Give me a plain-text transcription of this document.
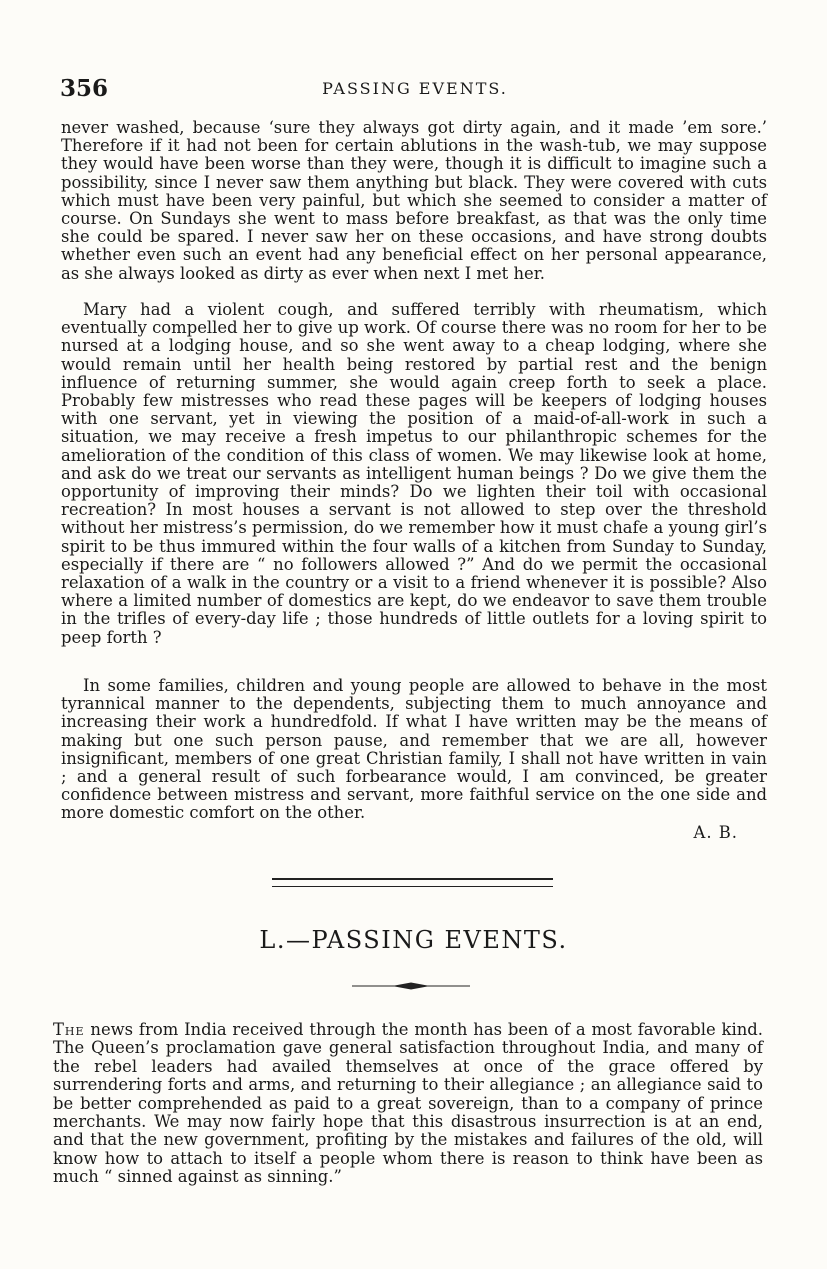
356	PASSING EVENTS.

never washed, because ‘sure they always got dirty again, and it made ’em sore.’ Therefore if it had not been for certain ablutions in the wash-tub, we may suppose they would have been worse than they were, though it is difficult to imagine such a possibility, since I never saw them anything but black. They were covered with cuts which must have been very painful, but which she seemed to consider a matter of course. On Sundays she went to mass before breakfast, as that was the only time she could be spared. I never saw her on these occasions, and have strong doubts whether even such an event had any beneficial effect on her personal appearance, as she always looked as dirty as ever when next I met her.

Mary had a violent cough, and suffered terribly with rheumatism, which eventually compelled her to give up work. Of course there was no room for her to be nursed at a lodging house, and so she went away to a cheap lodging, where she would remain until her health being restored by partial rest and the benign influence of returning summer, she would again creep forth to seek a place. Probably few mistresses who read these pages will be keepers of lodging houses with one servant, yet in viewing the position of a maid-of-all-work in such a situation, we may receive a fresh impetus to our philanthropic schemes for the amelioration of the condition of this class of women. We may likewise look at home, and ask do we treat our servants as intelligent human beings ? Do we give them the opportunity of improving their minds? Do we lighten their toil with occasional recreation? In most houses a servant is not allowed to step over the threshold without her mistress’s permission, do we remember how it must chafe a young girl’s spirit to be thus immured within the four walls of a kitchen from Sunday to Sunday, especially if there are “ no followers allowed ?” And do we permit the occasional relaxation of a walk in the country or a visit to a friend whenever it is possible? Also where a limited number of domestics are kept, do we endeavor to save them trouble in the trifles of every-day life ; those hundreds of little outlets for a loving spirit to peep forth ?

In some families, children and young people are allowed to behave in the most tyrannical manner to the dependents, subjecting them to much annoyance and increasing their work a hundredfold. If what I have written may be the means of making but one such person pause, and remember that we are all, however insignificant, members of one great Christian family, I shall not have written in vain ; and a general result of such forbearance would, I am convinced, be greater confidence between mistress and servant, more faithful service on the one side and more domestic comfort on the other.

A. B.
L.—PASSING EVENTS.

The news from India received through the month has been of a most favorable kind. The Queen’s proclamation gave general satisfaction throughout India, and many of the rebel leaders had availed themselves at once of the grace offered by surrendering forts and arms, and returning to their allegiance ; an allegiance said to be better comprehended as paid to a great sovereign, than to a company of prince merchants. We may now fairly hope that this disastrous insurrection is at an end, and that the new government, profiting by the mistakes and failures of the old, will know how to attach to itself a people whom there is reason to think have been as much “ sinned against as sinning.”
